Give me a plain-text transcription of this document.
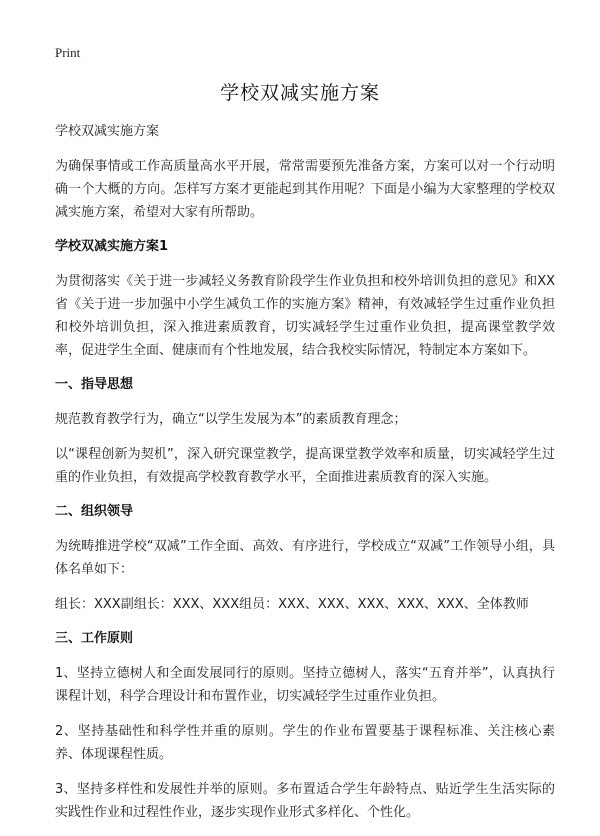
Print
学校双减实施方案

学校双减实施方案

为确保事情或工作高质量高水平开展，常常需要预先准备方案，方案可以对一个行动明确一个大概的方向。怎样写方案才更能起到其作用呢？下面是小编为大家整理的学校双减实施方案，希望对大家有所帮助。

学校双减实施方案1

为贯彻落实《关于进一步减轻义务教育阶段学生作业负担和校外培训负担的意见》和XX省《关于进一步加强中小学生减负工作的实施方案》精神，有效减轻学生过重作业负担和校外培训负担，深入推进素质教育，切实减轻学生过重作业负担，提高课堂教学效率，促进学生全面、健康而有个性地发展，结合我校实际情况，特制定本方案如下。

一、指导思想

规范教育教学行为，确立“以学生发展为本”的素质教育理念；

以“课程创新为契机”，深入研究课堂教学，提高课堂教学效率和质量，切实减轻学生过重的作业负担，有效提高学校教育教学水平，全面推进素质教育的深入实施。

二、组织领导

为统畴推进学校“双减”工作全面、高效、有序进行，学校成立“双减”工作领导小组，具体名单如下：

组长：XXX副组长：XXX、XXX组员：XXX、XXX、XXX、XXX、XXX、全体教师

三、工作原则

1、坚持立德树人和全面发展同行的原则。坚持立德树人，落实“五育并举”，认真执行课程计划，科学合理设计和布置作业，切实减轻学生过重作业负担。

2、坚持基础性和科学性并重的原则。学生的作业布置要基于课程标准、关注核心素养、体现课程性质。

3、坚持多样性和发展性并举的原则。多布置适合学生年龄特点、贴近学生生活实际的实践性作业和过程性作业，逐步实现作业形式多样化、个性化。
